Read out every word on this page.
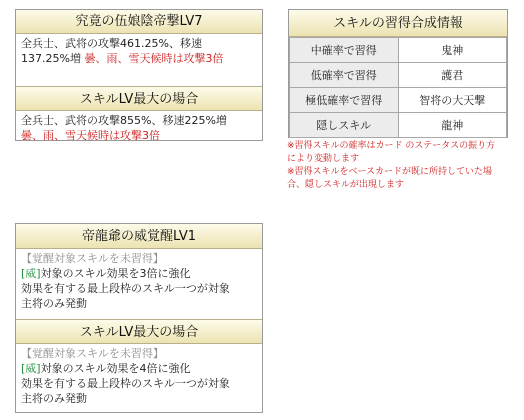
究竟の伍娘陰帝撃LV7
全兵士、武将の攻撃461.25%、移速
137.25%増 曇、雨、雪天候時は攻撃3倍
スキルLV最大の場合
全兵士、武将の攻撃855%、移速225%増
曇、雨、雪天候時は攻撃3倍
スキルの習得合成情報
中確率で習得	鬼神
低確率で習得	護君
極低確率で習得	智将の大天撃
隠しスキル	龍神
※習得スキルの確率はカード のステータスの振り方
により変動します
※習得スキルをベースカードが既に所持していた場
合、隠しスキルが出現します
帝龍爺の威覚醒LV1
【覚醒対象スキルを未習得】
[威]対象のスキル効果を3倍に強化
効果を有する最上段枠のスキル一つが対象
主将のみ発動
スキルLV最大の場合
【覚醒対象スキルを未習得】
[威]対象のスキル効果を4倍に強化
効果を有する最上段枠のスキル一つが対象
主将のみ発動
